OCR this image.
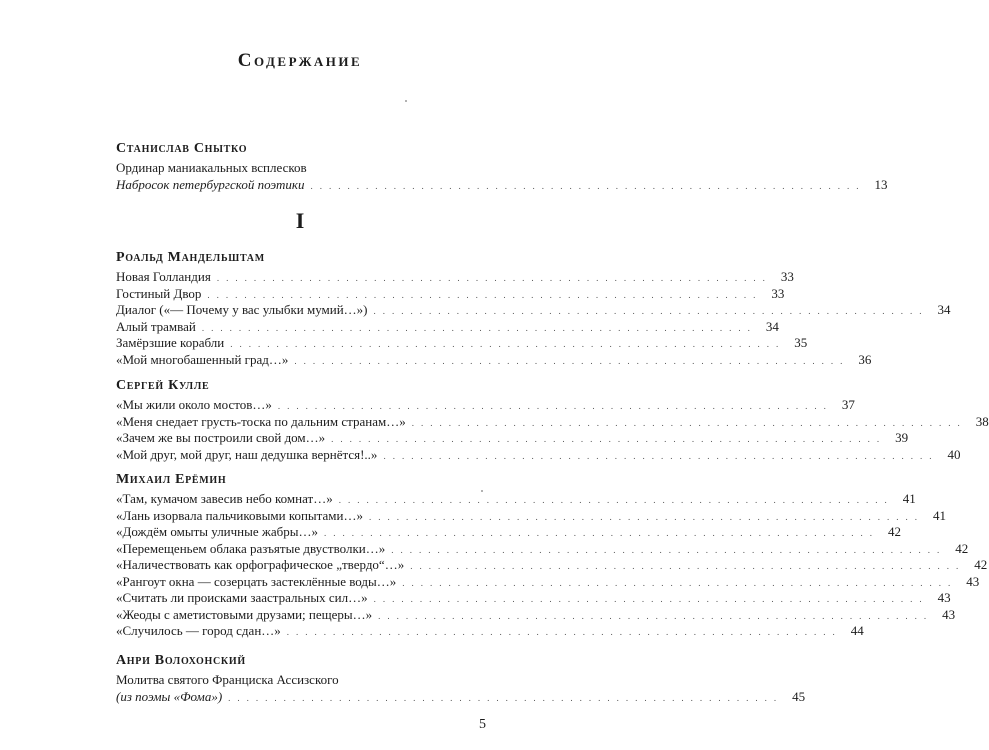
Содержание
Станислав Снытко
Ординар маниакальных всплесков
Набросок петербургской поэтики ............................................................ 13
I
Роальд Мандельштам
Новая Голландия ............................................................ 33
Гостиный Двор ............................................................ 33
Диалог («— Почему у вас улыбки мумий…») ............................................................ 34
Алый трамвай ............................................................ 34
Замёрзшие корабли ............................................................ 35
«Мой многобашенный град…» ............................................................ 36
Сергей Кулле
«Мы жили около мостов…» ............................................................ 37
«Меня снедает грусть-тоска по дальним странам…» ............................................................ 38
«Зачем же вы построили свой дом…» ............................................................ 39
«Мой друг, мой друг, наш дедушка вернётся!..» ............................................................ 40
Михаил Ерёмин
«Там, кумачом завесив небо комнат…» ............................................................ 41
«Лань изорвала пальчиковыми копытами…» ............................................................ 41
«Дождём омыты уличные жабры…» ............................................................ 42
«Перемещеньем облака разъятые двустволки…» ............................................................ 42
«Наличествовать как орфографическое „твердо“…» ............................................................ 42
«Рангоут окна — созерцать застеклённые воды…» ............................................................ 43
«Считать ли происками заастральных сил…» ............................................................ 43
«Жеоды с аметистовыми друзами; пещеры…» ............................................................ 43
«Случилось — город сдан…» ............................................................ 44
Анри Волохонский
Молитва святого Франциска Ассизского
(из поэмы «Фома») ............................................................ 45
5
